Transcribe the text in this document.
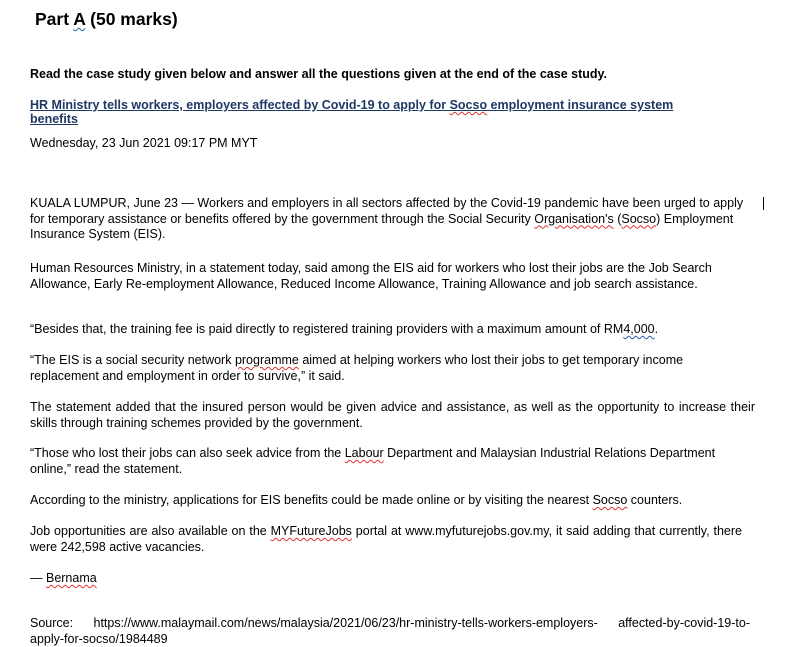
Part A (50 marks)
Read the case study given below and answer all the questions given at the end of the case study.
HR Ministry tells workers, employers affected by Covid-19 to apply for Socso employment insurance system benefits
Wednesday, 23 Jun 2021 09:17 PM MYT
KUALA LUMPUR, June 23 — Workers and employers in all sectors affected by the Covid-19 pandemic have been urged to apply for temporary assistance or benefits offered by the government through the Social Security Organisation's (Socso) Employment Insurance System (EIS).
Human Resources Ministry, in a statement today, said among the EIS aid for workers who lost their jobs are the Job Search Allowance, Early Re-employment Allowance, Reduced Income Allowance, Training Allowance and job search assistance.
“Besides that, the training fee is paid directly to registered training providers with a maximum amount of RM4,000.
“The EIS is a social security network programme aimed at helping workers who lost their jobs to get temporary income replacement and employment in order to survive,” it said.
The statement added that the insured person would be given advice and assistance, as well as the opportunity to increase their skills through training schemes provided by the government.
“Those who lost their jobs can also seek advice from the Labour Department and Malaysian Industrial Relations Department online,” read the statement.
According to the ministry, applications for EIS benefits could be made online or by visiting the nearest Socso counters.
Job opportunities are also available on the MYFutureJobs portal at www.myfuturejobs.gov.my, it said adding that currently, there were 242,598 active vacancies.
— Bernama
Source: https://www.malaymail.com/news/malaysia/2021/06/23/hr-ministry-tells-workers-employers- affected-by-covid-19-to-apply-for-socso/1984489
